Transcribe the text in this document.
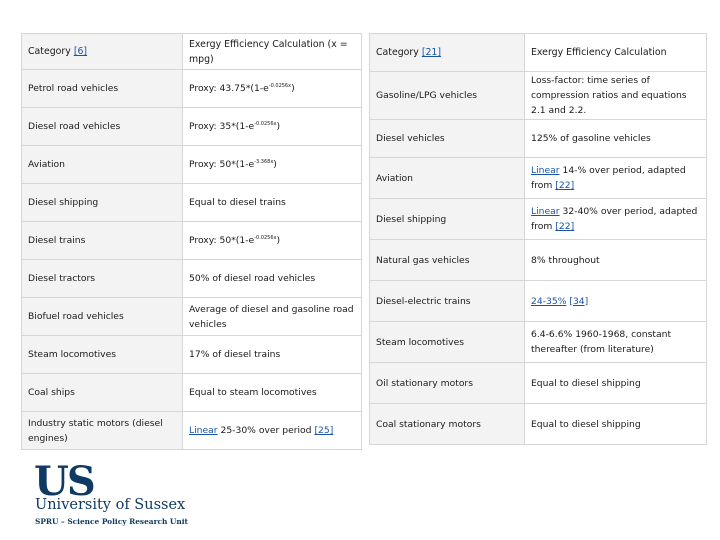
Category [6]	Exergy Efficiency Calculation (x = mpg)
Petrol road vehicles	Proxy: $43.75*(1-e^{-0.0256x})$
Diesel road vehicles	Proxy: $35*(1-e^{-0.0256x})$
Aviation	Proxy: $50*(1-e^{-3.368x})$
Diesel shipping	Equal to diesel trains
Diesel trains	Proxy: $50*(1-e^{-0.0256x})$
Diesel tractors	50% of diesel road vehicles
Biofuel road vehicles	Average of diesel and gasoline road vehicles
Steam locomotives	17% of diesel trains
Coal ships	Equal to steam locomotives
Industry static motors (diesel engines)	Linear 25-30% over period [25]
Category [21]	Exergy Efficiency Calculation
Gasoline/LPG vehicles	Loss-factor: time series of compression ratios and equations 2.1 and 2.2.
Diesel vehicles	125% of gasoline vehicles
Aviation	Linear 14-% over period, adapted from [22]
Diesel shipping	Linear 32-40% over period, adapted from [22]
Natural gas vehicles	8% throughout
Diesel-electric trains	24-35% [34]
Steam locomotives	6.4-6.6% 1960-1968, constant thereafter (from literature)
Oil stationary motors	Equal to diesel shipping
Coal stationary motors	Equal to diesel shipping
US
University of Sussex
SPRU – Science Policy Research Unit
